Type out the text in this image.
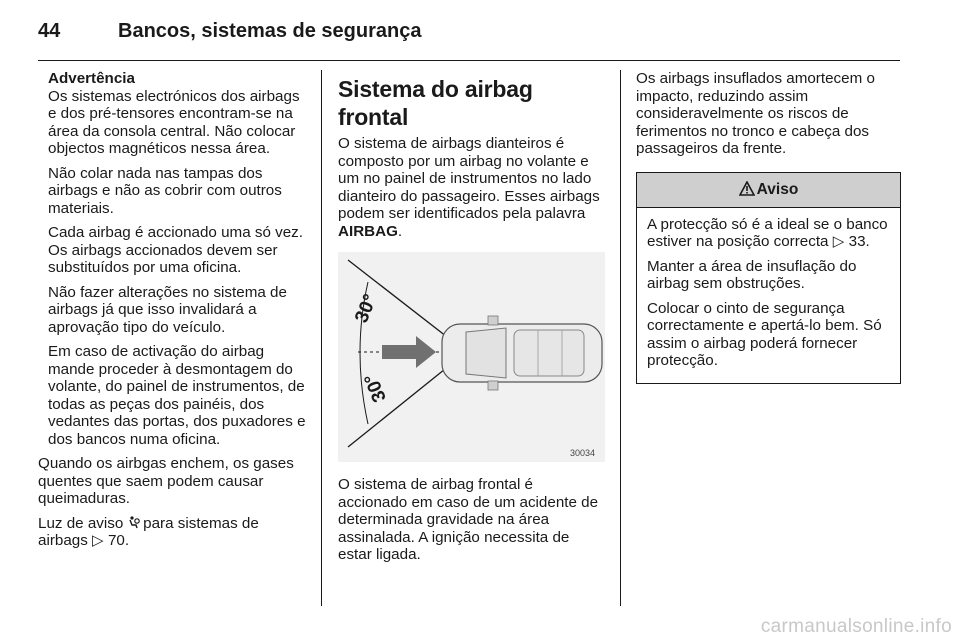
44	Bancos, sistemas de segurança

Advertência

Os sistemas electrónicos dos airbags e dos pré-tensores encontram-se na área da consola central. Não colocar objectos magnéticos nessa área.

Não colar nada nas tampas dos airbags e não as cobrir com outros materiais.

Cada airbag é accionado uma só vez. Os airbags accionados devem ser substituídos por uma oficina.

Não fazer alterações no sistema de airbags já que isso invalidará a aprovação tipo do veículo.

Em caso de activação do airbag mande proceder à desmontagem do volante, do painel de instrumentos, de todas as peças dos painéis, dos vedantes das portas, dos puxadores e dos bancos numa oficina.

Quando os airbgas enchem, os gases quentes que saem podem causar queimaduras.

Luz de aviso para sistemas de airbags ▷ 70.

Sistema do airbag frontal

O sistema de airbags dianteiros é composto por um airbag no volante e um no painel de instrumentos no lado dianteiro do passageiro. Esses airbags podem ser identificados pela palavra AIRBAG.

30°
30°
30034

O sistema de airbag frontal é accionado em caso de um acidente de determinada gravidade na área assinalada. A ignição necessita de estar ligada.

Os airbags insuflados amortecem o impacto, reduzindo assim consideravelmente os riscos de ferimentos no tronco e cabeça dos passageiros da frente.

Aviso

A protecção só é a ideal se o banco estiver na posição correcta ▷ 33.

Manter a área de insuflação do airbag sem obstruções.

Colocar o cinto de segurança correctamente e apertá-lo bem. Só assim o airbag poderá fornecer protecção.

carmanualsonline.info
